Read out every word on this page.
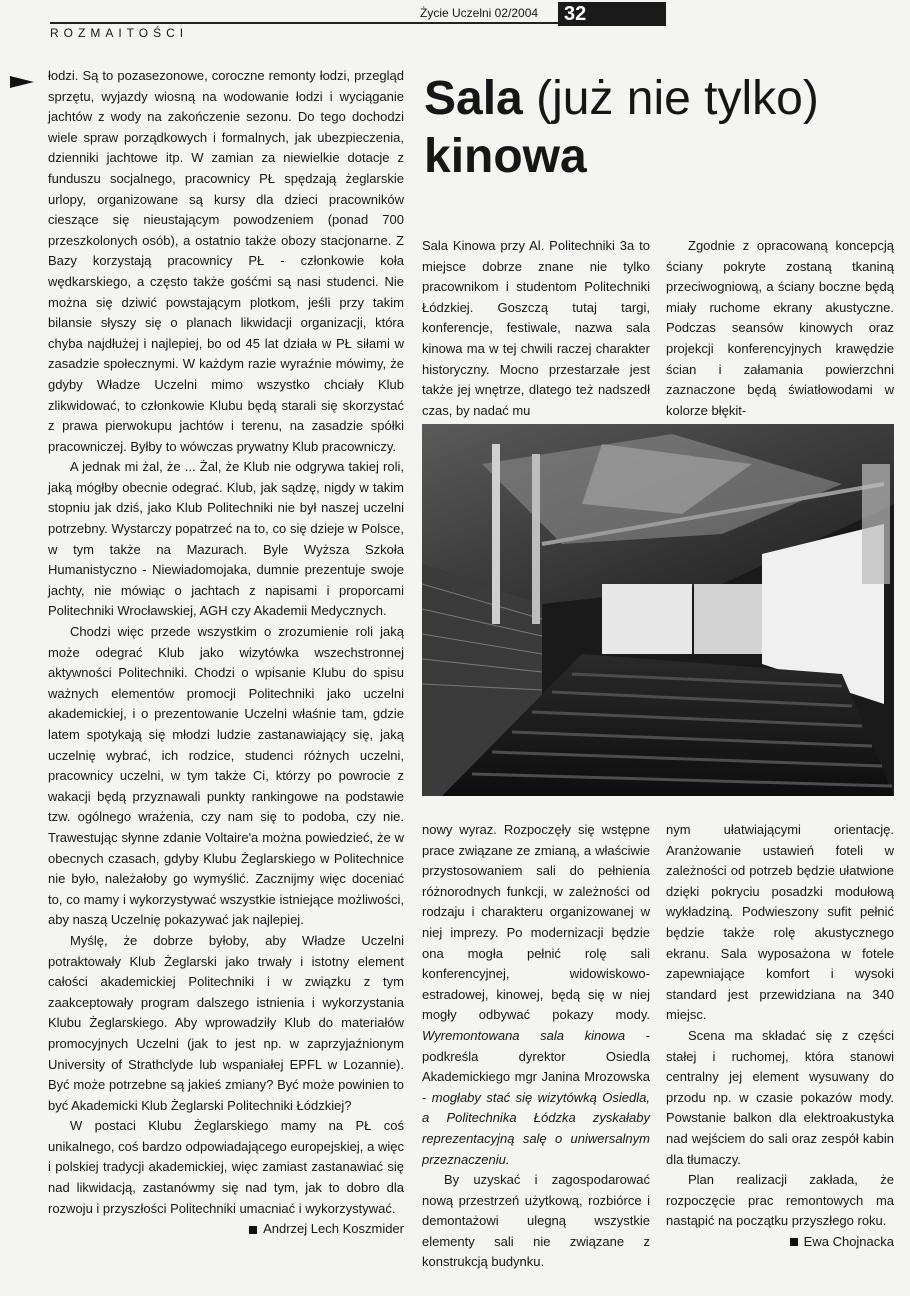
Życie Uczelni 02/2004	32
ROZMAITOŚCI

łodzi. Są to pozasezonowe, coroczne remonty łodzi, przegląd sprzętu, wyjazdy wiosną na wodowanie łodzi i wyciąganie jachtów z wody na zakończenie sezonu. Do tego dochodzi wiele spraw porządkowych i formalnych, jak ubezpieczenia, dzienniki jachtowe itp. W zamian za niewielkie dotacje z funduszu socjalnego, pracownicy PŁ spędzają żeglarskie urlopy, organizowane są kursy dla dzieci pracowników cieszące się nieustającym powodzeniem (ponad 700 przeszkolonych osób), a ostatnio także obozy stacjonarne. Z Bazy korzystają pracownicy PŁ - członkowie koła wędkarskiego, a często także gośćmi są nasi studenci. Nie można się dziwić powstającym plotkom, jeśli przy takim bilansie słyszy się o planach likwidacji organizacji, która chyba najdłużej i najlepiej, bo od 45 lat działa w PŁ siłami w zasadzie społecznymi. W każdym razie wyraźnie mówimy, że gdyby Władze Uczelni mimo wszystko chciały Klub zlikwidować, to członkowie Klubu będą starali się skorzystać z prawa pierwokupu jachtów i terenu, na zasadzie spółki pracowniczej. Byłby to wówczas prywatny Klub pracowniczy.

A jednak mi żal, że ... Żal, że Klub nie odgrywa takiej roli, jaką mógłby obecnie odegrać. Klub, jak sądzę, nigdy w takim stopniu jak dziś, jako Klub Politechniki nie był naszej uczelni potrzebny. Wystarczy popatrzeć na to, co się dzieje w Polsce, w tym także na Mazurach. Byle Wyższa Szkoła Humanistyczno - Niewiadomojaka, dumnie prezentuje swoje jachty, nie mówiąc o jachtach z napisami i proporcami Politechniki Wrocławskiej, AGH czy Akademii Medycznych.

Chodzi więc przede wszystkim o zrozumienie roli jaką może odegrać Klub jako wizytówka wszechstronnej aktywności Politechniki. Chodzi o wpisanie Klubu do spisu ważnych elementów promocji Politechniki jako uczelni akademickiej, i o prezentowanie Uczelni właśnie tam, gdzie latem spotykają się młodzi ludzie zastanawiający się, jaką uczelnię wybrać, ich rodzice, studenci różnych uczelni, pracownicy uczelni, w tym także Ci, którzy po powrocie z wakacji będą przyznawali punkty rankingowe na podstawie tzw. ogólnego wrażenia, czy nam się to podoba, czy nie. Trawestując słynne zdanie Voltaire'a można powiedzieć, że w obecnych czasach, gdyby Klubu Żeglarskiego w Politechnice nie było, należałoby go wymyślić. Zacznijmy więc doceniać to, co mamy i wykorzystywać wszystkie istniejące możliwości, aby naszą Uczelnię pokazywać jak najlepiej.

Myślę, że dobrze byłoby, aby Władze Uczelni potraktowały Klub Żeglarski jako trwały i istotny element całości akademickiej Politechniki i w związku z tym zaakceptowały program dalszego istnienia i wykorzystania Klubu Żeglarskiego. Aby wprowadziły Klub do materiałów promocyjnych Uczelni (jak to jest np. w zaprzyjaźnionym University of Strathclyde lub wspaniałej EPFL w Lozannie). Być może potrzebne są jakieś zmiany? Być może powinien to być Akademicki Klub Żeglarski Politechniki Łódzkiej?

W postaci Klubu Żeglarskiego mamy na PŁ coś unikalnego, coś bardzo odpowiadającego europejskiej, a więc i polskiej tradycji akademickiej, więc zamiast zastanawiać się nad likwidacją, zastanówmy się nad tym, jak to dobro dla rozwoju i przyszłości Politechniki umacniać i wykorzystywać.

Andrzej Lech Koszmider

Sala (już nie tylko)
kinowa

Sala Kinowa przy Al. Politechniki 3a to miejsce dobrze znane nie tylko pracownikom i studentom Politechniki Łódzkiej. Goszczą tutaj targi, konferencje, festiwale, nazwa sala kinowa ma w tej chwili raczej charakter historyczny. Mocno przestarzałe jest także jej wnętrze, dlatego też nadszedł czas, by nadać mu

Zgodnie z opracowaną koncepcją ściany pokryte zostaną tkaniną przeciwogniową, a ściany boczne będą miały ruchome ekrany akustyczne. Podczas seansów kinowych oraz projekcji konferencyjnych krawędzie ścian i załamania powierzchni zaznaczone będą światłowodami w kolorze błękit-

nowy wyraz. Rozpoczęły się wstępne prace związane ze zmianą, a właściwie przystosowaniem sali do pełnienia różnorodnych funkcji, w zależności od rodzaju i charakteru organizowanej w niej imprezy. Po modernizacji będzie ona mogła pełnić rolę sali konferencyjnej, widowiskowo-estradowej, kinowej, będą się w niej mogły odbywać pokazy mody. Wyremontowana sala kinowa - podkreśla dyrektor Osiedla Akademickiego mgr Janina Mrozowska - mogłaby stać się wizytówką Osiedla, a Politechnika Łódzka zyskałaby reprezentacyjną salę o uniwersalnym przeznaczeniu.

By uzyskać i zagospodarować nową przestrzeń użytkową, rozbiórce i demontażowi ulegną wszystkie elementy sali nie związane z konstrukcją budynku.

nym ułatwiającymi orientację. Aranżowanie ustawień foteli w zależności od potrzeb będzie ułatwione dzięki pokryciu posadzki modułową wykładziną. Podwieszony sufit pełnić będzie także rolę akustycznego ekranu. Sala wyposażona w fotele zapewniające komfort i wysoki standard jest przewidziana na 340 miejsc.

Scena ma składać się z części stałej i ruchomej, która stanowi centralny jej element wysuwany do przodu np. w czasie pokazów mody. Powstanie balkon dla elektroakustyka nad wejściem do sali oraz zespół kabin dla tłumaczy.

Plan realizacji zakłada, że rozpoczęcie prac remontowych ma nastąpić na początku przyszłego roku.

Ewa Chojnacka
